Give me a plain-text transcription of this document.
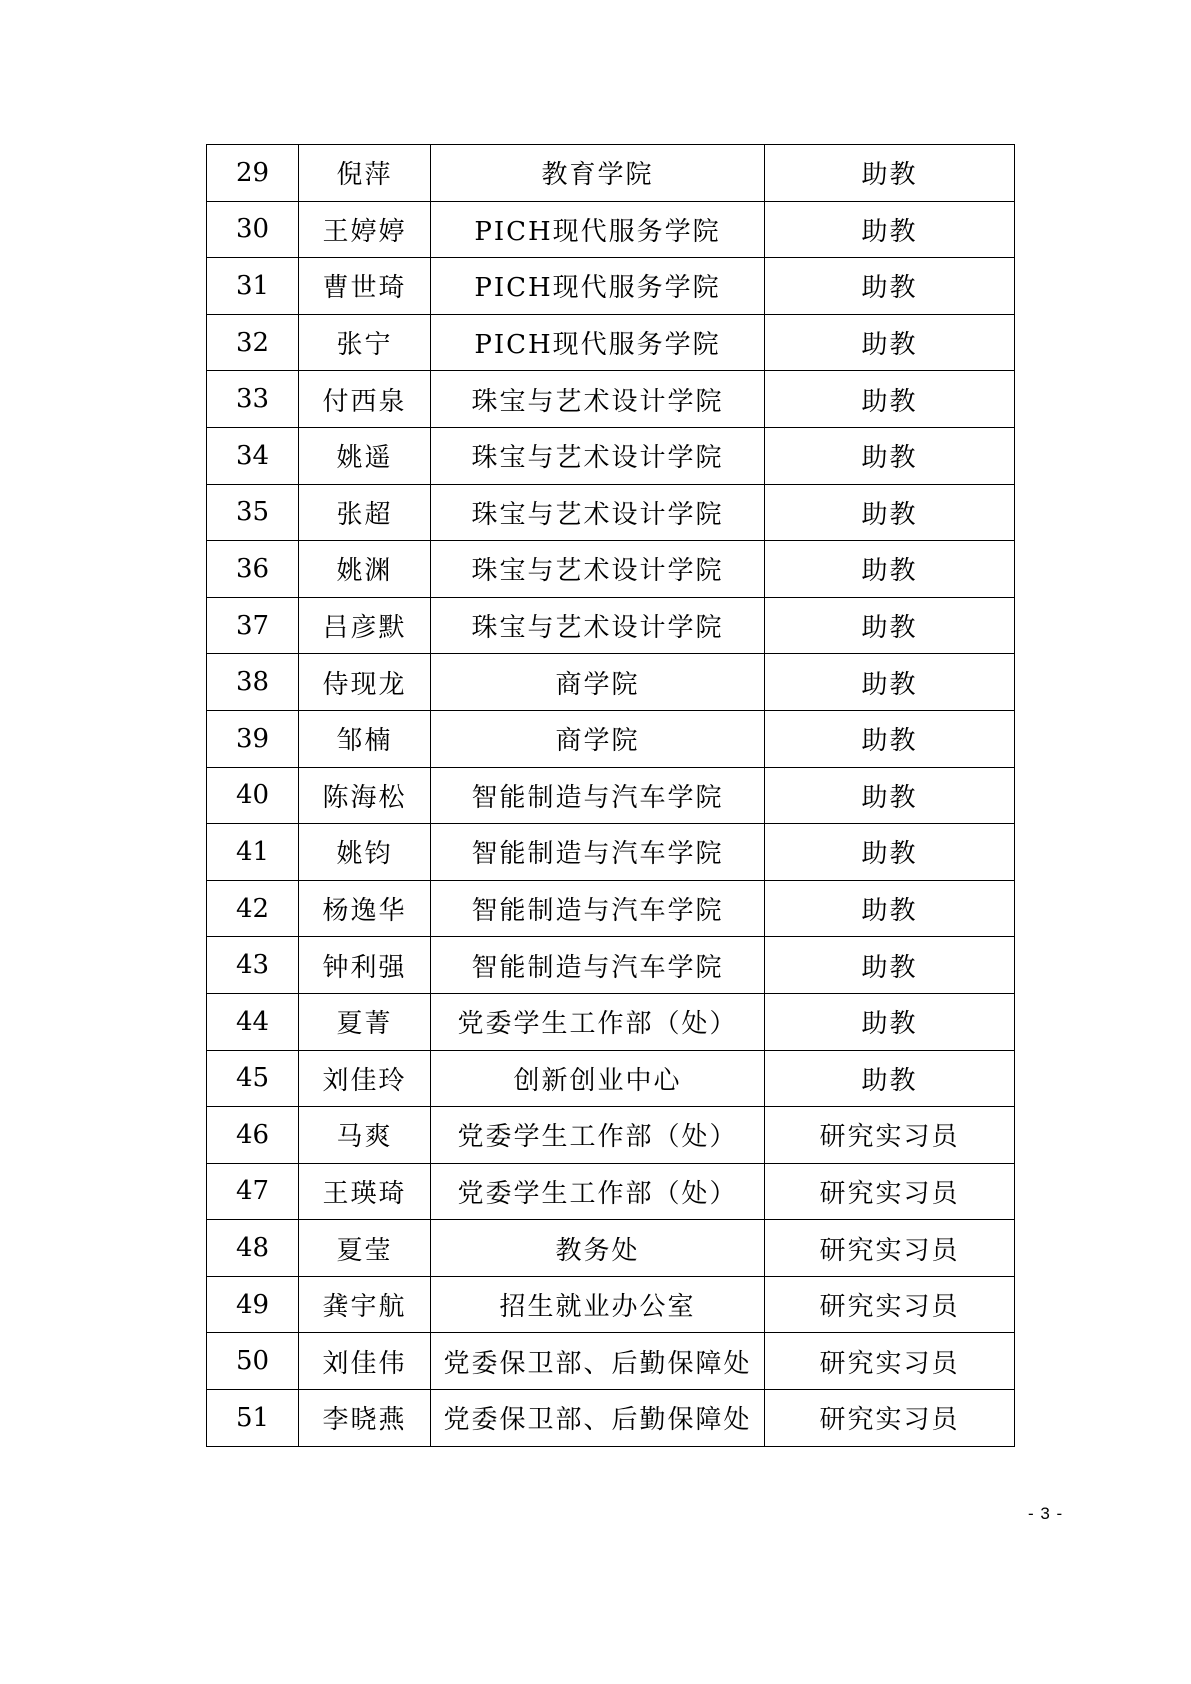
29	倪萍	教育学院	助教
30	王婷婷	PICH现代服务学院	助教
31	曹世琦	PICH现代服务学院	助教
32	张宁	PICH现代服务学院	助教
33	付西泉	珠宝与艺术设计学院	助教
34	姚遥	珠宝与艺术设计学院	助教
35	张超	珠宝与艺术设计学院	助教
36	姚渊	珠宝与艺术设计学院	助教
37	吕彦默	珠宝与艺术设计学院	助教
38	侍现龙	商学院	助教
39	邹楠	商学院	助教
40	陈海松	智能制造与汽车学院	助教
41	姚钧	智能制造与汽车学院	助教
42	杨逸华	智能制造与汽车学院	助教
43	钟利强	智能制造与汽车学院	助教
44	夏菁	党委学生工作部（处）	助教
45	刘佳玲	创新创业中心	助教
46	马爽	党委学生工作部（处）	研究实习员
47	王瑛琦	党委学生工作部（处）	研究实习员
48	夏莹	教务处	研究实习员
49	龚宇航	招生就业办公室	研究实习员
50	刘佳伟	党委保卫部、后勤保障处	研究实习员
51	李晓燕	党委保卫部、后勤保障处	研究实习员
- 3 -
